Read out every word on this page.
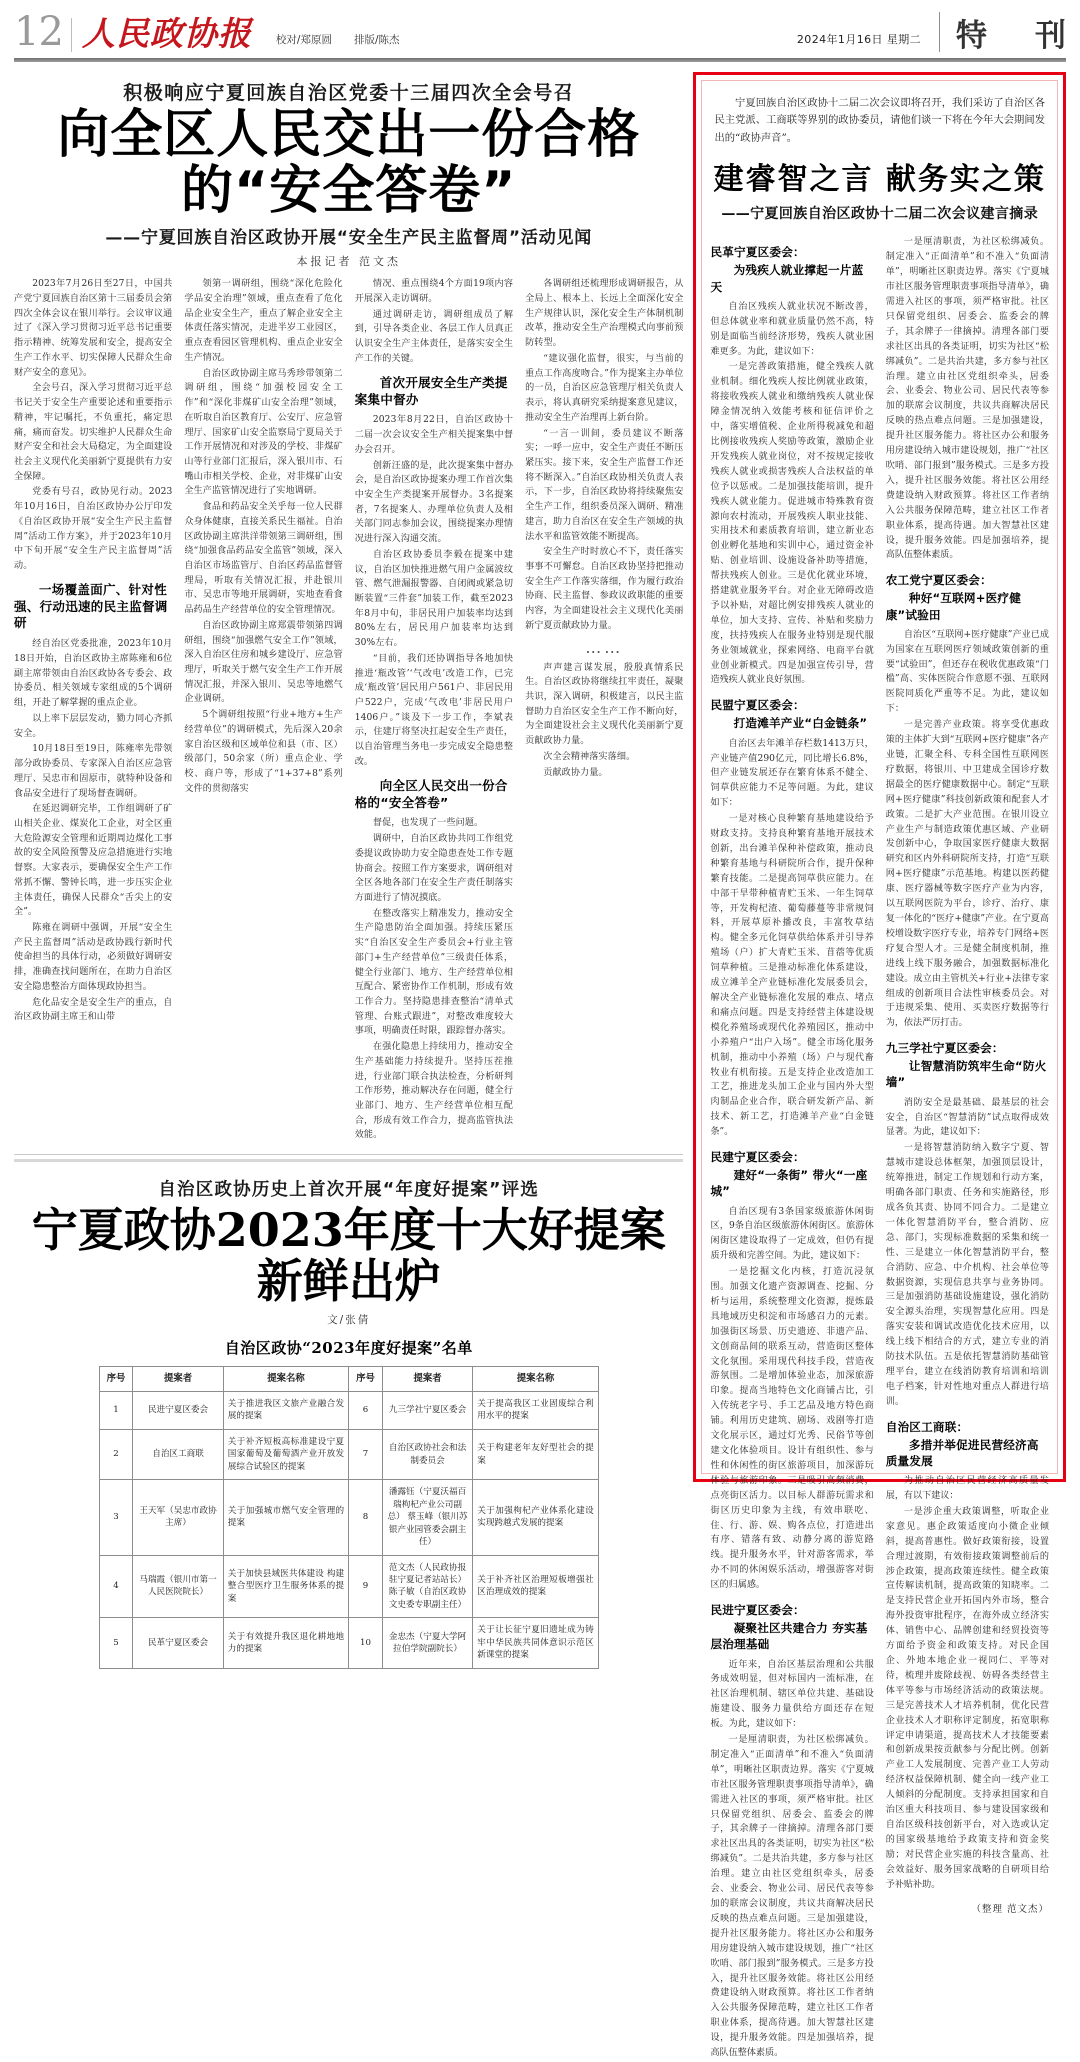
12 人民政协报 校对/郑原圆 排版/陈杰	2024年1月16日 星期二 特 刊
积极响应宁夏回族自治区党委十三届四次全会号召
向全区人民交出一份合格的“安全答卷”
——宁夏回族自治区政协开展“安全生产民主监督周”活动见闻
本报记者 范文杰

2023年7月26日至27日，中国共产党宁夏回族自治区第十三届委员会第四次全体会议在银川举行。会议审议通过了《深入学习贯彻习近平总书记重要指示精神、统筹发展和安全，提高安全生产工作水平、切实保障人民群众生命财产安全的意见》。

全会号召，深入学习贯彻习近平总书记关于安全生产重要论述和重要指示精神，牢记嘱托，不负重托，痛定思痛，痛而奋发。切实维护人民群众生命财产安全和社会大局稳定，为全面建设社会主义现代化美丽新宁夏提供有力安全保障。

党委有号召，政协见行动。2023年10月16日，自治区政协办公厅印发《自治区政协开展“安全生产民主监督周”活动工作方案》，并于2023年10月中下旬开展“安全生产民主监督周”活动。

一场覆盖面广、针对性强、行动迅速的民主监督调研

经自治区党委批准，2023年10月18日开始，自治区政协主席陈雍和6位副主席带领由自治区政协各专委会、政协委员、相关领域专家组成的5个调研组，开赴了解掌握的重点企业。

以上率下层层发动，勠力同心齐抓安全。

10月18日至19日，陈雍率先带领部分政协委员、专家深入自治区应急管理厅、吴忠市和固原市，就特种设备和食品安全进行了现场督查调研。

在延迟调研完毕，工作组调研了矿山相关企业、煤炭化工企业，对全区重大危险源安全管理和近期周边煤化工事故的安全风险预警及应急措施进行实地督察。大家表示，要确保安全生产工作常抓不懈、警钟长鸣，进一步压实企业主体责任，确保人民群众“舌尖上的安全”。

陈雍在调研中强调，开展“安全生产民主监督周”活动是政协践行新时代使命担当的具体行动，必须做好调研安排，准确查找问题所在，在助力自治区安全隐患整治方面体现政协担当。

危化品安全是安全生产的重点，自治区政协副主席王和山带

领第一调研组，围绕“深化危险化学品安全治理”领域，重点查看了危化品企业安全生产，重点了解企业安全主体责任落实情况，走进半岁工业园区，重点查看园区管理机构、重点企业安全生产情况。

自治区政协副主席马秀珍带领第二调研组，围绕“加强校园安全工作”和“深化非煤矿山安全治理”领域，在听取自治区教育厅、公安厅、应急管理厅、国家矿山安全监察局宁夏局关于工作开展情况和对涉及的学校、非煤矿山等行业部门汇报后，深入银川市、石嘴山市相关学校、企业，对非煤矿山安全生产监管情况进行了实地调研。

食品和药品安全关乎每一位人民群众身体健康，直接关系民生福祉。自治区政协副主席洪洋带领第三调研组，围绕“加强食品药品安全监管”领域，深入自治区市场监管厅、自治区药品监督管理局，听取有关情况汇报，并赴银川市、吴忠市等地开展调研，实地查看食品药品生产经营单位的安全管理情况。

自治区政协副主席郑震带领第四调研组，围绕“加强燃气安全工作”领域，深入自治区住房和城乡建设厅、应急管理厅，听取关于燃气安全生产工作开展情况汇报，并深入银川、吴忠等地燃气企业调研。

5个调研组按照“行业+地方+生产经营单位”的调研模式，先后深入20余家自治区级和区域单位和县（市、区）级部门，50余家（所）重点企业、学校、商户等，形成了“1+37+8”系列文件的贯彻落实

情况、重点围绕4个方面19项内容开展深入走访调研。

通过调研走访，调研组成员了解到，引导各类企业、各层工作人员真正认识安全生产主体责任，是落实安全生产工作的关键。

首次开展安全生产类提案集中督办

2023年8月22日，自治区政协十二届一次会议安全生产相关提案集中督办会召开。

创新汪盛的是，此次提案集中督办会，是自治区政协提案办理工作首次集中安全生产类提案开展督办。3名提案者，7名提案人、办理单位负责人及相关部门同志参加会议，围绕提案办理情况进行深入沟通交流。

自治区政协委员李毅在提案中建议，自治区加快推进燃气用户金属波纹管、燃气泄漏报警器、自闭阀或紧急切断装置“三件套”加装工作，截至2023年8月中旬，非居民用户加装率均达到80%左右，居民用户加装率均达到30%左右。

“目前，我们还协调指导各地加快推进‘瓶改管’‘气改电’改造工作，已完成‘瓶改管’居民用户561户、非居民用户522户，完成‘气改电’非居民用户1406户。”谈及下一步工作，李斌表示，住建厅将坚决扛起安全生产责任，以自治管理当务电一步完成安全隐患整改。

向全区人民交出一份合格的“安全答卷”

督促，也发现了一些问题。

调研中，自治区政协共同工作组党委提议政协助力安全隐患查处工作专题协商会。按照工作方案要求，调研组对全区各地各部门在安全生产责任制落实方面进行了情况摸底。

在整改落实上精准发力，推动安全生产隐患防治全面加强。持续压紧压实“自治区安全生产委员会+行业主管部门+生产经营单位”三级责任体系，健全行业部门、地方、生产经营单位相互配合、紧密协作工作机制，形成有效工作合力。坚持隐患排查整治“清单式管理、台账式跟进”，对整改难度较大事项，明确责任时限，跟踪督办落实。

在强化隐患上持续用力，推动安全生产基础能力持续提升。坚持压茬推进，行业部门联合执法检查，分析研判工作形势，推动解决存在问题，健全行业部门、地方、生产经营单位相互配合，形成有效工作合力，提高监管执法效能。

各调研组还梳理形成调研报告，从全局上、根本上、长远上全面深化安全生产规律认识，深化安全生产体制机制改革，推动安全生产治理模式向事前预防转型。

“建议强化监督，很实，与当前的重点工作高度吻合。”作为提案主办单位的一员，自治区应急管理厅相关负责人表示，将认真研究采纳提案意见建议，推动安全生产治理再上新台阶。

“一言一训间，委员建议不断落实；一呼一应中，安全生产责任不断压紧压实。接下来，安全生产监督工作还将不断深入。”自治区政协相关负责人表示，下一步，自治区政协将持续聚焦安全生产工作，组织委员深入调研、精准建言，助力自治区在安全生产领域的执法水平和监管效能不断提高。

安全生产时时放心不下，责任落实事事不可懈怠。自治区政协坚持把推动安全生产工作落实落细，作为履行政治协商、民主监督、参政议政职能的重要内容，为全面建设社会主义现代化美丽新宁夏贡献政协力量。

……

声声建言谋发展，殷殷真情系民生。自治区政协将继续扛牢责任，凝聚共识，深入调研，积极建言，以民主监督助力自治区安全生产工作不断向好，为全面建设社会主义现代化美丽新宁夏贡献政协力量。

次全会精神落实落细。

贡献政协力量。

自治区政协历史上首次开展“年度好提案”评选
宁夏政协2023年度十大好提案新鲜出炉
文/张倩
自治区政协“2023年度好提案”名单
序号	提案者	提案名称	序号	提案者	提案名称
1	民进宁夏区委会	关于推进我区文旅产业融合发展的提案	6	九三学社宁夏区委会	关于提高我区工业固废综合利用水平的提案
2	自治区工商联	关于补齐短板高标准建设宁夏国家葡萄及葡萄酒产业开放发展综合试验区的提案	7	自治区政协社会和法制委员会	关于构建老年友好型社会的提案
3	王天军（吴忠市政协主席）	关于加强城市燃气安全管理的提案	8	潘露钰（宁夏沃福百瑞枸杞产业公司副总） 蔡玉峰（银川苏银产业园管委会副主任）	关于加强枸杞产业体系化建设实现跨越式发展的提案
4	马瑞霞（银川市第一人民医院院长）	关于加快县域医共体建设 构建整合型医疗卫生服务体系的提案	9	范文杰（人民政协报驻宁夏记者站站长） 陈子敏（自治区政协文史委专职副主任）	关于补齐社区治理短板增强社区治理成效的提案
5	民革宁夏区委会	关于有效提升我区退化耕地地力的提案	10	金忠杰（宁夏大学阿拉伯学院副院长）	关于让长征宁夏旧遗址成为铸牢中华民族共同体意识示范区新课堂的提案
宁夏回族自治区政协十二届二次会议即将召开，我们采访了自治区各民主党派、工商联等界别的政协委员，请他们谈一下将在今年大会期间发出的“政协声音”。
建睿智之言 献务实之策
——宁夏回族自治区政协十二届二次会议建言摘录
民革宁夏区委会：
为残疾人就业撑起一片蓝天

自治区残疾人就业状况不断改善，但总体就业率和就业质量仍然不高，特别是面临当前经济形势，残疾人就业困难更多。为此，建议如下：

一是完善政策措施，健全残疾人就业机制。细化残疾人按比例就业政策，将接收残疾人就业和缴纳残疾人就业保障金情况纳入效能考核和征信评价之中，落实增值税、企业所得税减免和超比例接收残疾人奖励等政策，激励企业开发残疾人就业岗位，对不按规定接收残疾人就业或损害残疾人合法权益的单位予以惩戒。二是加强技能培训，提升残疾人就业能力。促进城市特殊教育资源向农村流动，开展残疾人职业技能、实用技术和素质教育培训，建立新业态创业孵化基地和实训中心，通过资金补贴、创业培训、设施设备补助等措施，帮扶残疾人创业。三是优化就业环境，搭建就业服务平台。对企业无障碍改造予以补贴，对超比例安排残疾人就业的单位，加大支持、宣传、补贴和奖励力度，扶持残疾人在服务业特别是现代服务业领域就业，探索网络、电商平台就业创业新模式。四是加强宣传引导，营造残疾人就业良好氛围。

民盟宁夏区委会：
打造滩羊产业“白金链条”

自治区去年滩羊存栏数1413万只，产业链产值290亿元，同比增长6.8%，但产业链发展还存在繁育体系不健全、饲草供应能力不足等问题。为此，建议如下：

一是对核心良种繁育基地建设给予财政支持。支持良种繁育基地开展技术创新，出台滩羊保种补偿政策，推动良种繁育基地与科研院所合作，提升保种繁育技能。二是提高饲草供应能力。在中部干旱带种植青贮玉米、一年生饲草等，开发枸杞渣、葡萄藤蔓等非常规饲料，开展草原补播改良，丰富牧草结构。健全多元化饲草供给体系并引导养殖场（户）扩大青贮玉米、苜蓿等优质饲草种植。三是推动标准化体系建设，成立滩羊全产业链标准化发展委员会，解决全产业链标准化发展的难点、堵点和痛点问题。四是支持经营主体建设规模化养殖场或现代化养殖园区，推动中小养殖户“出户入场”。健全市场化服务机制，推动中小养殖（场）户与现代畜牧业有机衔接。五是支持企业改造加工工艺，推进龙头加工企业与国内外大型肉制品企业合作，联合研发新产品、新技术、新工艺，打造滩羊产业“白金链条”。

民建宁夏区委会：
建好“一条街” 带火“一座城”

自治区现有3条国家级旅游休闲街区，9条自治区级旅游休闲街区。旅游休闲街区建设取得了一定成效，但仍有提质升级和完善空间。为此，建议如下：

一是挖掘文化内核，打造沉浸氛围。加强文化遗产资源调查、挖掘、分析与运用，系统整理文化资源，提炼最具地域历史积淀和市场感召力的元素。加强街区场景、历史遗迹、非遗产品、文创商品间的联系互动，营造街区整体文化氛围。采用现代科技手段，营造夜游氛围。二是增加体验业态，加深旅游印象。提高当地特色文化商铺占比，引入传统老字号、手工艺品及地方特色商铺。利用历史建筑、剧场、戏剧等打造文化展示区，通过灯光秀、民俗节等创建文化体验项目。设计有组织性、参与性和休闲性的街区旅游项目，加深游玩体验与旅游印象。三是吸引高频消费，点亮街区活力。以目标人群游玩需求和街区历史印象为主线，有效串联吃、住、行、游、娱、购各点位，打造进出有序、错落有致、动静分离的游览路线。提升服务水平，针对游客需求，举办不同的休闲娱乐活动，增强游客对街区的归属感。

民进宁夏区委会：
凝聚社区共建合力 夯实基层治理基础

近年来，自治区基层治理和公共服务成效明显，但对标国内一流标准，在社区治理机制、辖区单位共建、基础设施建设、服务力量供给方面还存在短板。为此，建议如下：

一是厘清职责，为社区松绑减负。制定准入“正面清单”和不准入“负面清单”，明晰社区职责边界。落实《宁夏城市社区服务管理职责事项指导清单》，确需进入社区的事项，须严格审批。社区只保留党组织、居委会、监委会的牌子，其余牌子一律摘掉。清理各部门要求社区出具的各类证明，切实为社区“松绑减负”。二是共治共建，多方参与社区治理。建立由社区党组织牵头，居委会、业委会、物业公司、居民代表等参加的联席会议制度，共议共商解决居民反映的热点难点问题。三是加强建设，提升社区服务能力。将社区办公和服务用房建设纳入城市建设规划，推广“社区吹哨、部门报到”服务模式。三是多方投入，提升社区服务效能。将社区公用经费建设纳入财政预算。将社区工作者纳入公共服务保障范畴，建立社区工作者职业体系，提高待遇。加大智慧社区建设，提升服务效能。四是加强培养，提高队伍整体素质。

一是厘清职责，为社区松绑减负。制定准入“正面清单”和不准入“负面清单”，明晰社区职责边界。落实《宁夏城市社区服务管理职责事项指导清单》，确需进入社区的事项，须严格审批。社区只保留党组织、居委会、监委会的牌子，其余牌子一律摘掉。清理各部门要求社区出具的各类证明，切实为社区“松绑减负”。二是共治共建，多方参与社区治理。建立由社区党组织牵头，居委会、业委会、物业公司、居民代表等参加的联席会议制度，共议共商解决居民反映的热点难点问题。三是加强建设，提升社区服务能力。将社区办公和服务用房建设纳入城市建设规划，推广“社区吹哨、部门报到”服务模式。三是多方投入，提升社区服务效能。将社区公用经费建设纳入财政预算。将社区工作者纳入公共服务保障范畴，建立社区工作者职业体系，提高待遇。加大智慧社区建设，提升服务效能。四是加强培养，提高队伍整体素质。

农工党宁夏区委会：
种好“互联网+医疗健康”试验田

自治区“互联网+医疗健康”产业已成为国家在互联网医疗领域政策创新的重要“试验田”，但还存在税收优惠政策“门槛”高、实体医院合作意愿不强、互联网医院同质化严重等不足。为此，建议如下：

一是完善产业政策。将享受优惠政策的主体扩大到“互联网+医疗健康”各产业链，汇聚全科、专科全国性互联网医疗数据，将银川、中卫建成全国诊疗数据最全的医疗健康数据中心。制定“互联网+医疗健康”科技创新政策和配套人才政策。二是扩大产业范围。在银川设立产业生产与制造政策优惠区域、产业研发创新中心，争取国家医疗健康大数据研究和区内外科研院所支持，打造“互联网+医疗健康”示范基地。构建以医药健康、医疗器械等数字医疗产业为内容，以互联网医院为平台，诊疗、治疗、康复一体化的“医疗+健康”产业。在宁夏高校增设数字医疗专业，培养专门网络+医疗复合型人才。三是健全制度机制，推进线上线下服务融合，加强数据标准化建设。成立由主管机关+行业+法律专家组成的创新项目合法性审核委员会。对于违规采集、使用、买卖医疗数据等行为，依法严厉打击。

九三学社宁夏区委会：
让智慧消防筑牢生命“防火墙”

消防安全是最基础、最基层的社会安全，自治区“智慧消防”试点取得成效显著。为此，建议如下：

一是将智慧消防纳入数字宁夏、智慧城市建设总体框架，加强顶层设计，统筹推进，制定工作规划和行动方案，明确各部门职责、任务和实施路径，形成各负其责、协同不同合力。二是建立一体化智慧消防平台，整合消防、应急、部门，实现标准数据的采集和统一性、三是建立一体化智慧消防平台，整合消防、应急、中介机构、社会单位等数据资源，实现信息共享与业务协同。三是加强消防基础设施建设，强化消防安全源头治理，实现智慧化应用。四是落实安装和调试改造优化技术应用，以线上线下相结合的方式，建立专业的消防技术队伍。五是依托智慧消防基础管理平台，建立在线消防教育培训和培训电子档案，针对性地对重点人群进行培训。

自治区工商联：
多措并举促进民营经济高质量发展

为推动自治区民营经济高质量发展，有以下建议：

一是涉企重大政策调整，听取企业家意见。惠企政策适度向小微企业倾斜，提高普惠性。做好政策衔接，设置合理过渡期，有效衔接政策调整前后的涉企政策，提高政策连续性。健全政策宣传解读机制，提高政策的知晓率。二是支持民营企业开拓国内外市场，整合海外投资审批程序，在海外成立经济实体、销售中心、品牌创建和经贸投资等方面给予资金和政策支持。对民企国企、外地本地企业一视同仁、平等对待，梳理并废除歧视、妨碍各类经营主体平等参与市场经济活动的政策法规。三是完善技术人才培养机制，优化民营企业技术人才职称评定制度，拓宽职称评定申请渠道，提高技术人才技能要素和创新成果按贡献参与分配比例。创新产业工人发展制度、完善产业工人劳动经济权益保障机制、健全向一线产业工人倾斜的分配制度。支持承担国家和自治区重大科技项目、参与建设国家级和自治区级科技创新平台，对入选或认定的国家级基地给予政策支持和资金奖励；对民营企业实施的科技含量高、社会效益好、服务国家战略的自研项目给予补贴补助。

（整理 范文杰）
